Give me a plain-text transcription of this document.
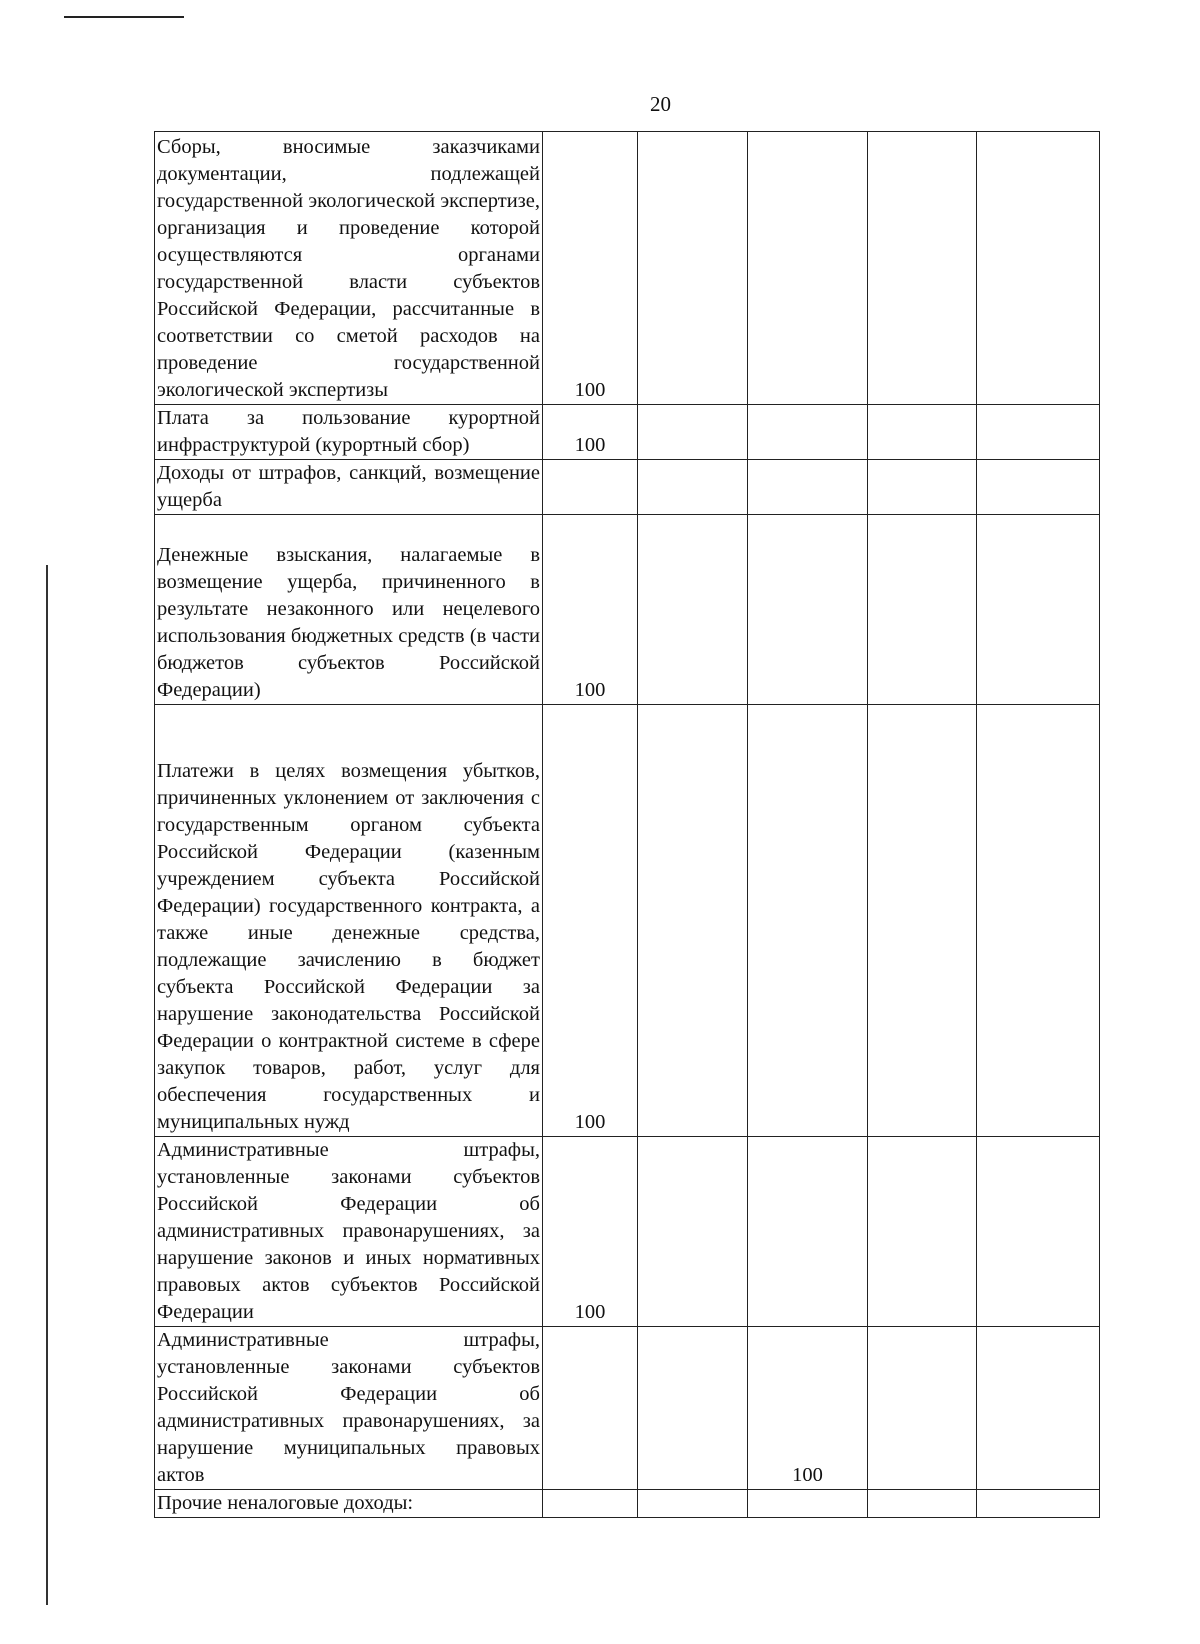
20
Сборы, вносимые заказчиками документации, подлежащей государственной экологической экспертизе, организация и проведение которой осуществляются органами государственной власти субъектов Российской Федерации, рассчитанные в соответствии со сметой расходов на проведение государственной экологической экспертизы	100				
Плата за пользование курортной инфраструктурой (курортный сбор)	100				
Доходы от штрафов, санкций, возмещение ущерба					
Денежные взыскания, налагаемые в возмещение ущерба, причиненного в результате незаконного или нецелевого использования бюджетных средств (в части бюджетов субъектов Российской Федерации)	100				
Платежи в целях возмещения убытков, причиненных уклонением от заключения с государственным органом субъекта Российской Федерации (казенным учреждением субъекта Российской Федерации) государственного контракта, а также иные денежные средства, подлежащие зачислению в бюджет субъекта Российской Федерации за нарушение законодательства Российской Федерации о контрактной системе в сфере закупок товаров, работ, услуг для обеспечения государственных и муниципальных нужд	100				
Административные штрафы, установленные законами субъектов Российской Федерации об административных правонарушениях, за нарушение законов и иных нормативных правовых актов субъектов Российской Федерации	100				
Административные штрафы, установленные законами субъектов Российской Федерации об административных правонарушениях, за нарушение муниципальных правовых актов			100		
Прочие неналоговые доходы:					
